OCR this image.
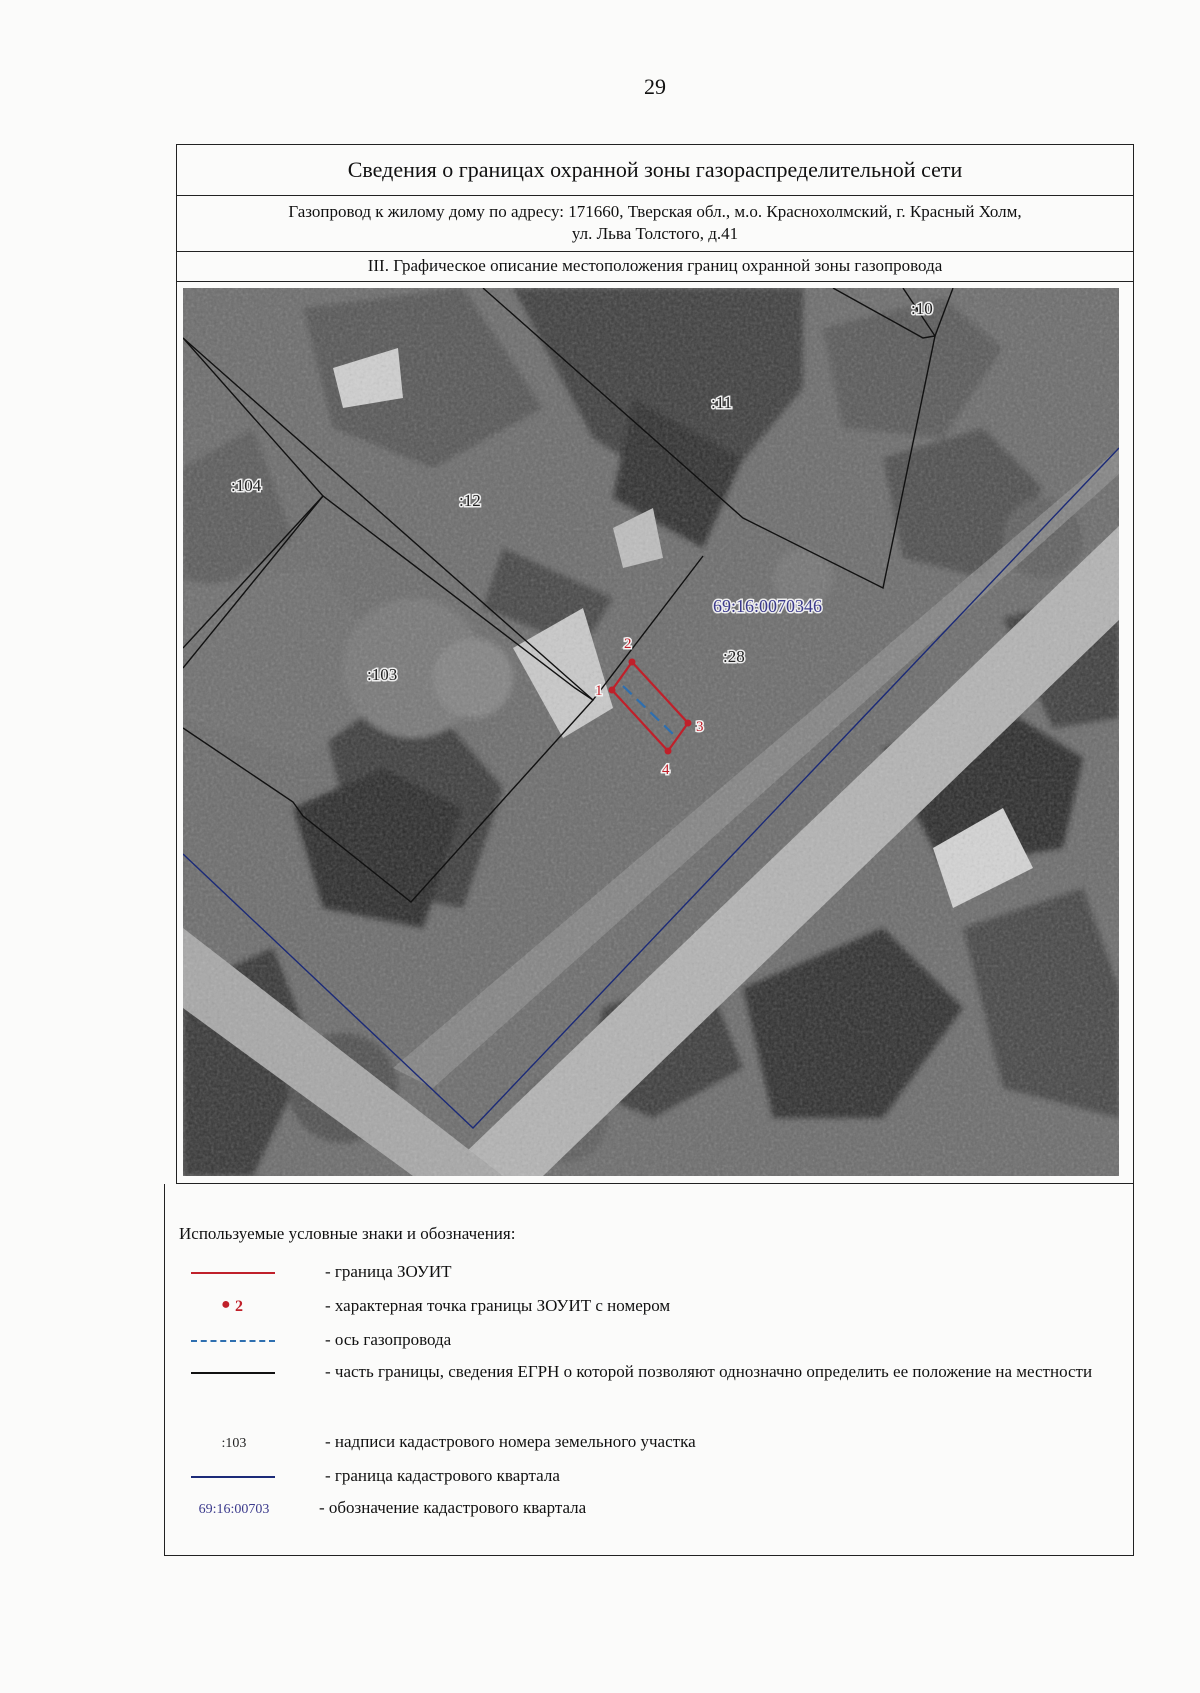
29
Сведения о границах охранной зоны газораспределительной сети
Газопровод к жилому дому по адресу: 171660, Тверская обл., м.о. Краснохолмский, г. Красный Холм,
ул. Льва Толстого, д.41
III. Графическое описание местоположения границ охранной зоны газопровода
1
2
3
4
:10
:11
:104
:12
:103
:28
69:16:0070346
Используемые условные знаки и обозначения:
- граница ЗОУИТ
● 2	- характерная точка границы ЗОУИТ с номером
- ось газопровода
- часть границы, сведения ЕГРН о которой позволяют однозначно определить ее положение на местности
:103	- надписи кадастрового номера земельного участка
- граница кадастрового квартала
69:16:00703	- обозначение кадастрового квартала
